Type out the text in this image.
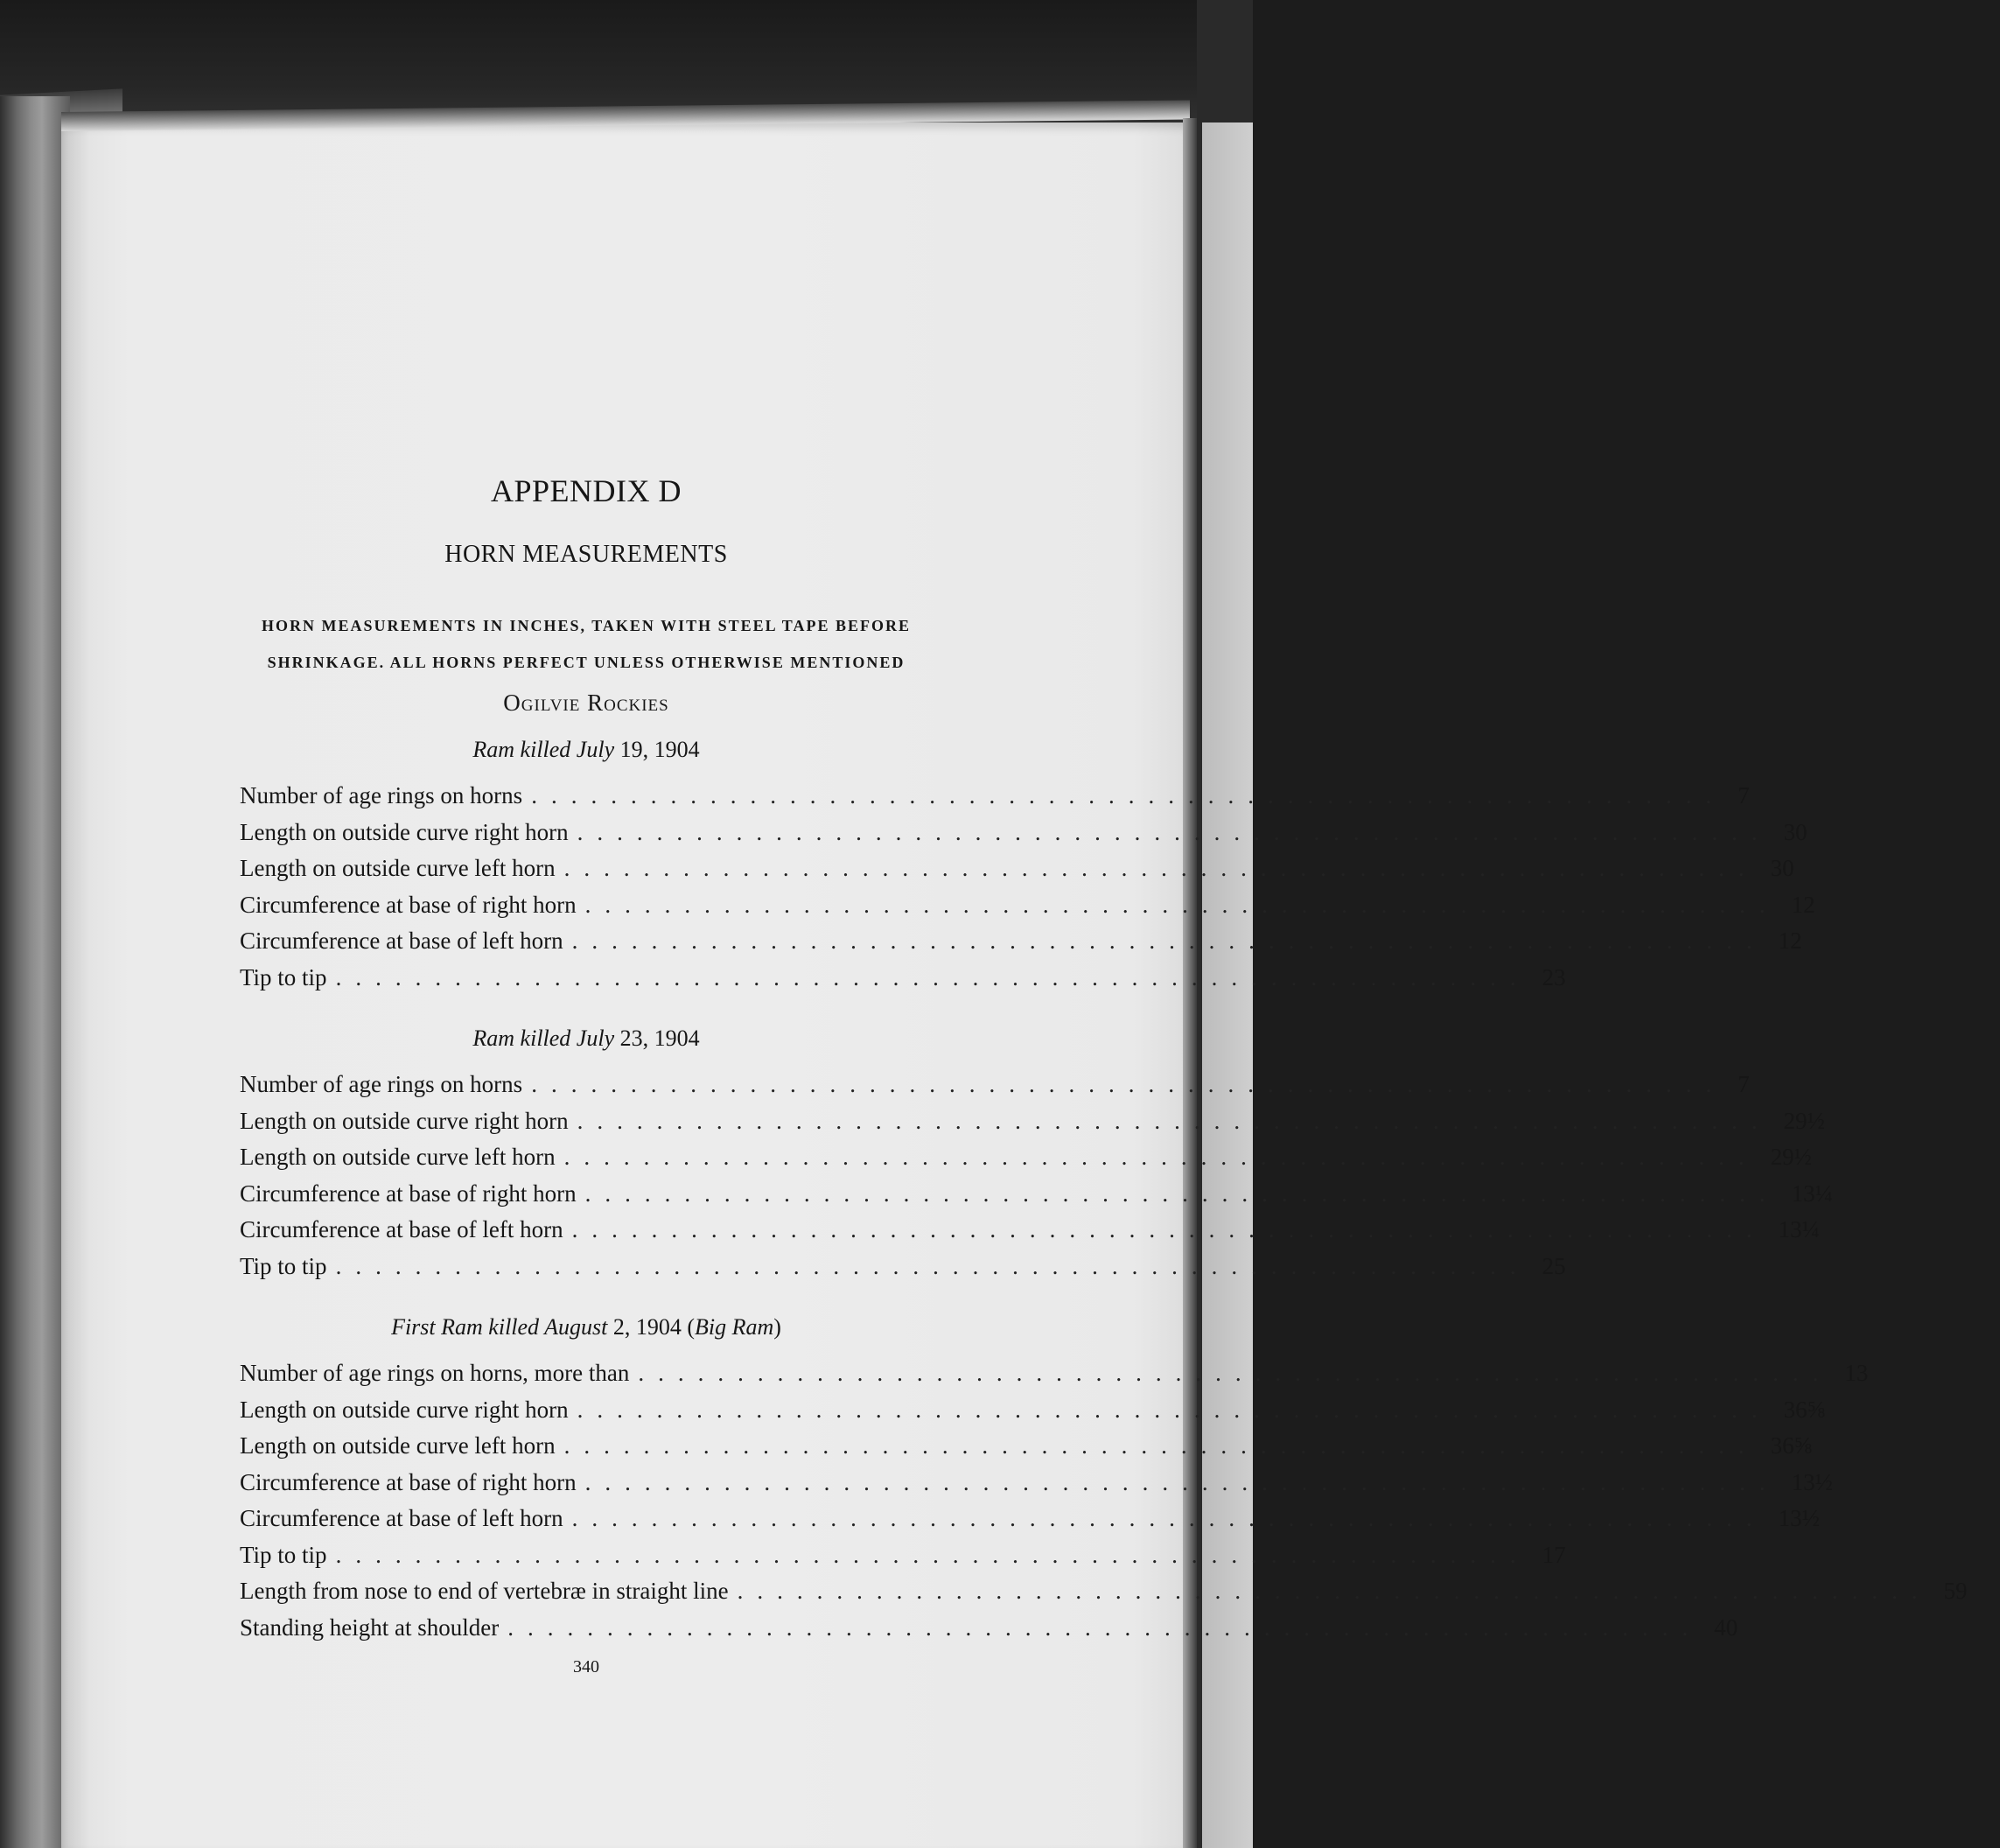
APPENDIX D
HORN MEASUREMENTS
HORN MEASUREMENTS IN INCHES, TAKEN WITH STEEL TAPE BEFORE
SHRINKAGE. ALL HORNS PERFECT UNLESS OTHERWISE MENTIONED
Ogilvie Rockies
Ram killed July 19, 1904
Number of age rings on horns ............................................................ 7
Length on outside curve right horn ............................................................ 30
Length on outside curve left horn ............................................................ 30
Circumference at base of right horn ............................................................ 12
Circumference at base of left horn ............................................................ 12
Tip to tip ............................................................ 23
Ram killed July 23, 1904
Number of age rings on horns ............................................................ 7
Length on outside curve right horn ............................................................ 29½
Length on outside curve left horn ............................................................ 29½
Circumference at base of right horn ............................................................ 13¼
Circumference at base of left horn ............................................................ 13¼
Tip to tip ............................................................ 25
First Ram killed August 2, 1904 (Big Ram)
Number of age rings on horns, more than ............................................................ 13
Length on outside curve right horn ............................................................ 36⅝
Length on outside curve left horn ............................................................ 36⅝
Circumference at base of right horn ............................................................ 13½
Circumference at base of left horn ............................................................ 13½
Tip to tip ............................................................ 17
Length from nose to end of vertebræ in straight line ............................................................ 59
Standing height at shoulder ............................................................ 40
340
